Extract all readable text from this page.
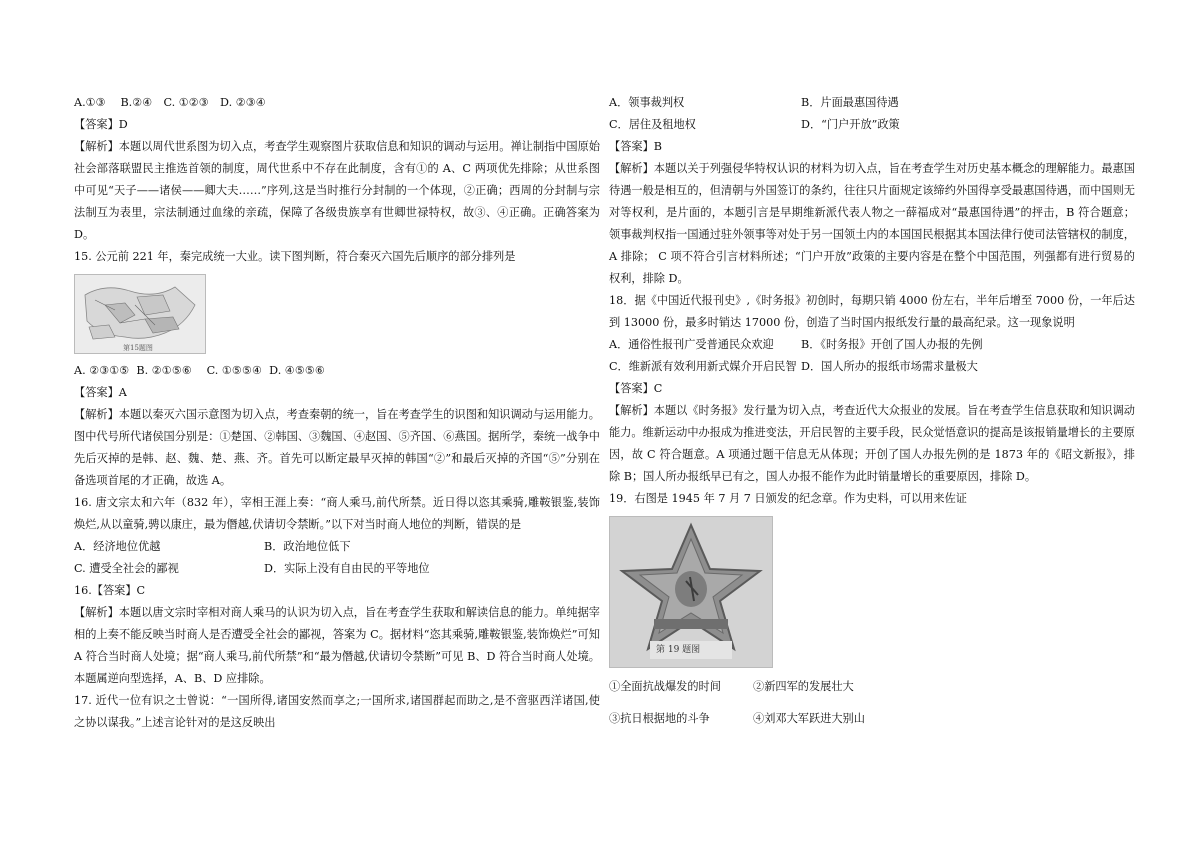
A.①③　 B.②④　C. ①②③　D. ②③④

【答案】D

【解析】本题以周代世系图为切入点，考查学生观察图片获取信息和知识的调动与运用。禅让制指中国原始社会部落联盟民主推选首领的制度，周代世系中不存在此制度，含有①的 A、C 两项优先排除；从世系图中可见“天子——诸侯——卿大夫……”序列,这是当时推行分封制的一个体现，②正确；西周的分封制与宗法制互为表里，宗法制通过血缘的亲疏，保障了各级贵族享有世卿世禄特权，故③、④正确。正确答案为 D。

15. 公元前 221 年，秦完成统一大业。读下图判断，符合秦灭六国先后顺序的部分排列是

第15题图

A. ②③①⑤  B. ②①⑤⑥　 C. ①⑤⑤④  D. ④⑤⑤⑥

【答案】A

【解析】本题以秦灭六国示意图为切入点，考查秦朝的统一，旨在考查学生的识图和知识调动与运用能力。图中代号所代诸侯国分别是：①楚国、②韩国、③魏国、④赵国、⑤齐国、⑥燕国。据所学，秦统一战争中先后灭掉的是韩、赵、魏、楚、燕、齐。首先可以断定最早灭掉的韩国“②”和最后灭掉的齐国“⑤”分别在备选项首尾的才正确，故选 A。

16. 唐文宗太和六年（832 年），宰相王涯上奏：“商人乘马,前代所禁。近日得以恣其乘骑,雕鞍银鉴,装饰焕烂,从以童骑,骋以康庄，最为僭越,伏请切令禁断。”以下对当时商人地位的判断，错误的是

A．经济地位优越	B．政治地位低下
C. 遭受全社会的鄙视	D．实际上没有自由民的平等地位

16.【答案】C

【解析】本题以唐文宗时宰相对商人乘马的认识为切入点，旨在考查学生获取和解读信息的能力。单纯据宰相的上奏不能反映当时商人是否遭受全社会的鄙视，答案为 C。据材料“恣其乘骑,雕鞍银鉴,装饰焕烂”可知 A 符合当时商人处境；据“商人乘马,前代所禁”和“最为僭越,伏请切令禁断”可见 B、D 符合当时商人处境。本题属逆向型选择，A、B、D 应排除。

17. 近代一位有识之士曾说：“一国所得,诸国安然而享之;一国所求,诸国群起而助之,是不啻驱西洋诸国,使之协以谋我。”上述言论针对的是这反映出

A．领事裁判权	B．片面最惠国待遇
C．居住及租地权	D．“门户开放”政策

【答案】B

【解析】本题以关于列强侵华特权认识的材料为切入点，旨在考查学生对历史基本概念的理解能力。最惠国待遇一般是相互的，但清朝与外国签订的条约，往往只片面规定该缔约外国得享受最惠国待遇，而中国则无对等权利，是片面的，本题引言是早期维新派代表人物之一薛福成对“最惠国待遇”的抨击，B 符合题意；领事裁判权指一国通过驻外领事等对处于另一国领土内的本国国民根据其本国法律行使司法管辖权的制度，A 排除； C 项不符合引言材料所述；“门户开放”政策的主要内容是在整个中国范围，列强都有进行贸易的权利，排除 D。

18．据《中国近代报刊史》,《时务报》初创时，每期只销 4000 份左右，半年后增至 7000 份，一年后达到 13000 份，最多时销达 17000 份，创造了当时国内报纸发行量的最高纪录。这一现象说明

A．通俗性报刊广受普通民众欢迎	B．《时务报》开创了国人办报的先例
C．维新派有效利用新式媒介开启民智 D．国人所办的报纸市场需求量极大

【答案】C

【解析】本题以《时务报》发行量为切入点，考查近代大众报业的发展。旨在考查学生信息获取和知识调动能力。维新运动中办报成为推进变法，开启民智的主要手段，民众觉悟意识的提高是该报销量增长的主要原因，故 C 符合题意。A 项通过题干信息无从体现；开创了国人办报先例的是 1873 年的《昭文新报》，排除 B；国人所办报纸早已有之，国人办报不能作为此时销量增长的重要原因，排除 D。

19．右图是 1945 年 7 月 7 日颁发的纪念章。作为史料，可以用来佐证

第 19 题图
①全面抗战爆发的时间	②新四军的发展壮大
③抗日根据地的斗争	④刘邓大军跃进大别山
